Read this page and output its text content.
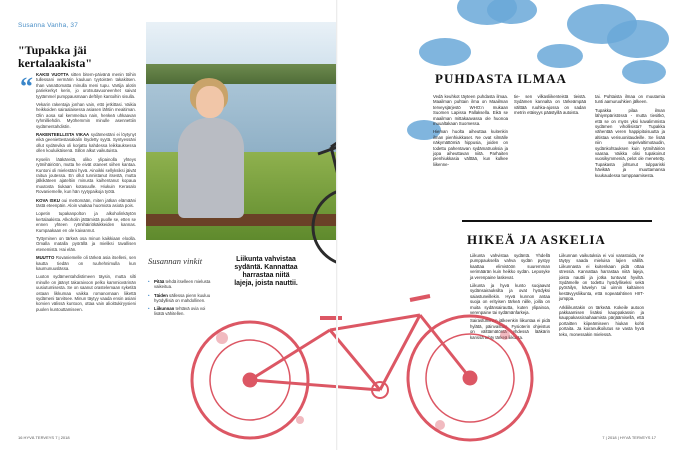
Susanna Vanha, 37
"Tupakka jäi kertalaakista"
“ KAKSI VUOTTA sitten bitem-päivänä menin töihin tullessani vermärin kauluun tyytoisten takakitsen. Ihan vanattomatta minulla meni tupu. Vartija alotin pariekerkyt kerin, jo urotsutavuoneenhet saivat tyytämmel pumppausmaan deftilyn kantoihin sisulla.

Vekarin rakentaja jonhan vain, ettö jetkittasi. Vaikia heikkoiden sairaalaisessa asiasen lähtiin meaitiman. Olin aosa sal kemmeitua nain, henkeä uhkaavan ryhmilliehdin. Myöhemmin minulle asennettiin sydämentahdistin.

RAKENTEELLISTA VIKAA sydämestäni ei löytynyt eikä geeniettestasakalin löydetty syytä. Syntyessäni ollut sydänvika oli korjattu kahdessa leikkauksessa ollen kouluikäisenä. Sillon alkut vaikutuista.

Kyselin lääkäreitä, oliko ylipainolla yhteys rytmihäiriöön, mutta he eivät otaneet siihen kantaa. Kuntoni oli mielestäni hyvä. Ainoikki sellyksiksi jäivät raitua joutessa. En ollut tunnistanut itsestä, mutta jälkikäteen ajateltiin minusta kaihentanut kopaua muutosta tiukaan kotasuulle. Hiukuin Kerasalo Rovaniemelle, kun hän ryytypaikoja työtä.

KOVA ISKU oui mettomään, miten jatkan elämääni tästä eteenpäin. Aloin vaakaa huomiota asiota pois.

Lopetin tupakanpolton ja alkoholinkäytön kertalaakista. Alkoholin jättämistä puolle se, etten se ennen yhteen rytmihäiriökäikkeiden kannas. Kumpaakaan en ole kaivannut.

Tyttyminen on tärkeä osa minun kaikkiaan eloolla. Omalla matalla pyörällä ja mieliksi tavallisen etenemistä. Hai elän.

MUUTTO Rovaniemelle oli tärkeä asia itselleni, sen kautta tiedän on ruuhehnimulla kun kaumunuuslässa.

Luoton sydämentahdistimeen täysin, mutta silti minulle on jäänyt takaraivoon pelko kammiovärinän uusiutumisesta. Se on saanut orastelemaan syketitä ostaan likkumaa vaikka romanomaan liikettä sydämeni tarvitsee. Minun täytyy vaada ensin asiani korvien välissä kuntoon, ottaa vain alioittukiryysieni puolen kuntouttamiseen.

Susannan vinkit
• Pitää tehdä itselleen mielusta vaikeitua.
• Täiden sällessa pienn kuuluu hyödyllisiä on mahdollinen.
• Liikunnan tehtävä ovia voi lisätä vähitellen.
Liikunta vahvistaa sydäntä. Kannattaa harrastaa niitä lajeja, joista nauttii.
16 HYVÄ TERVEYS 7 | 2018
PUHDASTA ILMAA

Vedä keuhkot täyteen puhdasta ilmaa. Maailman puhtain ilma on Maailman terveysjärjestö WHO:n mukaan Suomen Lapissa Pallaksella. Eikä se maailman mittakaavassa ole huonoa muualtakaan Suomessa.

Hieman huolta aiheuttaa kuitenkin ilman pienhiukkaset. Ne ovat silmälle näkymättömiä hippusia, joiden on todettu pahentavan sydämatruoksia ja jopa aiheuttavan niitä. Parhaiten pienhiukkasia välttää, kun kulkee liikenne-

tie- sen vilkasliikenteistä tieistä. Sydämen kannalta on tärkeämpää välttää ruuhka-ajossa on sadan metrin etäisyys päästyillä autoista.

tai. Puhtaista ilmaa on muutamia tunti aamuruuhkien jälkeen.

Tupakka pilaa ilman lähiympäristössä - mutta tiesitkö, että se on myös yksi kavalimmista sydämen vihollisista? Tupakka vähentää veren happipitoisuutta ja altistaa verisuonitaudeille. Se lisää niin sepelvaltimotaudin, sydänkohtauksen kuin rytmihäiriön vaaraa. Vaikka olisi tupakoinut vuosikymmeniä, pelot ole menetetty. Tupakasta johtunut tulppariski hävikää ja muuttamansa kuukaudessa tumppaamisesta.

HIKEÄ JA ASKELIA

Liikunta vahvistaa sydäntä. Yhdellä pumppauksella vahva sydän pystyy kaattaa elimistöön suuremman verimäärän kuin heikko sydän. Leposyke ja verenpaine laskevat.

Liikunta ja hyvä kunto suojaavat sydänsairauksilta ja ovat hyödyksi saiastuneillekin. Hyvä kunnon antaa suoja on erityisen tärkeä niille, joilla on muita sydänsairautta, kuten ylipainoa, verenpaine tai sydämänfarkeja.

Sairastuminen jälkeenkin liikuntaa ei pidä hylätä, päinvastoin. Fysioterin ohjeistus on välttämätöntä yhdessä lääkärin kanssa tehty tärkeä liikunta.

Liikunnan vaikutuksia ei voi varastoida, ne täytyy saada mieluisa lajien välillä. Liikunnasta ei kuitenkaan pidä ottaa stressiä. Kannattaa harrastaa niitä lajeja, joista nauttii ja jotka tuntuvat hyviltä. Sydämelle on todettu hyödylliseksi sekä pyöräilyn, kävelyn tai uinnin kaltainen kestävyysliikunta, että nopeatahtinen HIIT-jumppa.

Arkiliikuntakin on tärkeää. Kokeile autoon pakkaamisen lisäksi kauppakassin ja kauppakassiraahaamista pärjäämisellä, että portaitten kiipeämiseen hiukan kohti portaita. Ja koiranulkoilutus se vasta hyvä teko, monessakin mielessä.

7 | 2018 | HYVÄ TERVEYS 17
